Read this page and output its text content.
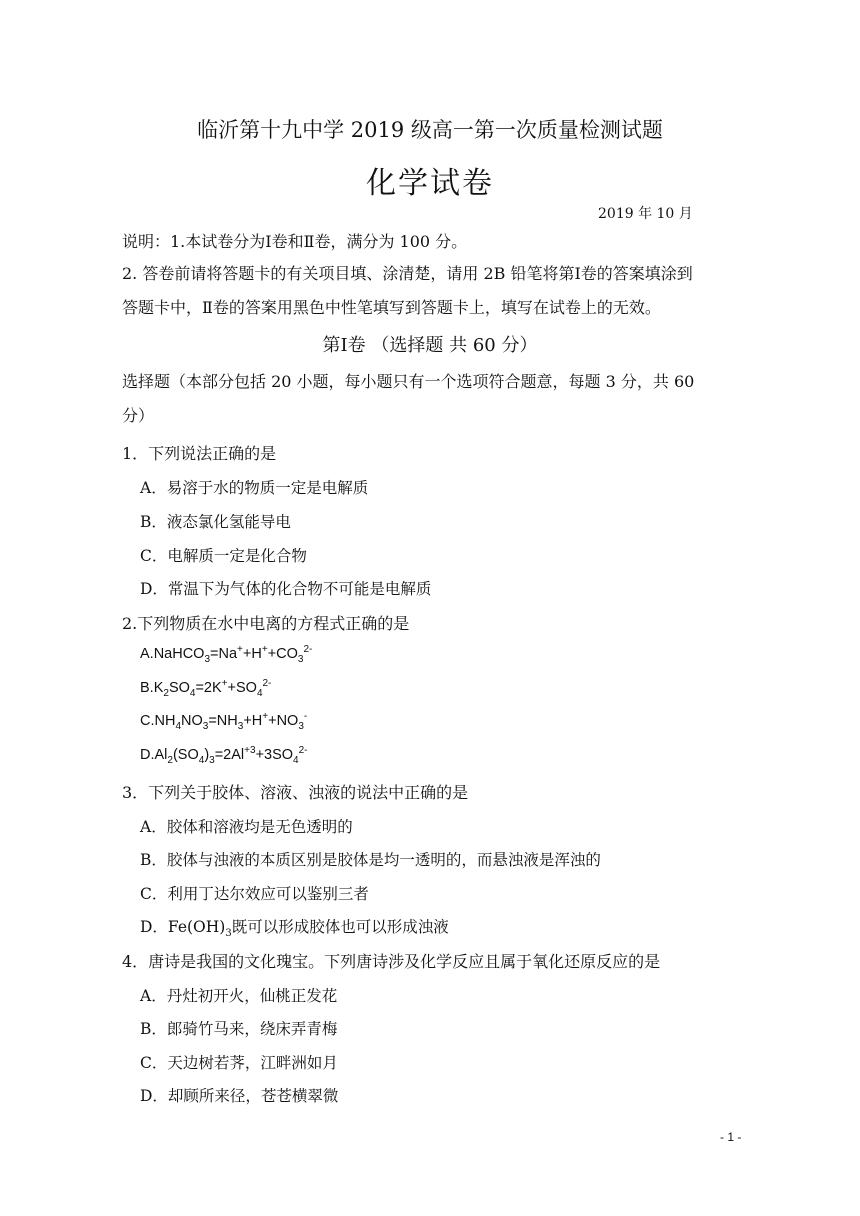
临沂第十九中学 2019 级高一第一次质量检测试题
化学试卷
2019 年 10 月
说明：1.本试卷分为Ⅰ卷和Ⅱ卷，满分为 100 分。
2. 答卷前请将答题卡的有关项目填、涂清楚，请用 2B 铅笔将第Ⅰ卷的答案填涂到
答题卡中，Ⅱ卷的答案用黑色中性笔填写到答题卡上，填写在试卷上的无效。
第Ⅰ卷 （选择题 共 60 分）
选择题（本部分包括 20 小题，每小题只有一个选项符合题意，每题 3 分，共 60
分）
1．下列说法正确的是
A．易溶于水的物质一定是电解质
B．液态氯化氢能导电
C．电解质一定是化合物
D．常温下为气体的化合物不可能是电解质
2.下列物质在水中电离的方程式正确的是
$A.NaHCO_3=Na^++H^++CO_3^{2-}$
$B.K_2SO_4=2K^++SO_4^{2-}$
$C.NH_4NO_3=NH_3+H^++NO_3^-$
$D.Al_2(SO_4)_3=2Al^{+3}+3SO_4^{2-}$
3．下列关于胶体、溶液、浊液的说法中正确的是
A．胶体和溶液均是无色透明的
B．胶体与浊液的本质区别是胶体是均一透明的，而悬浊液是浑浊的
C．利用丁达尔效应可以鉴别三者
D．$Fe(OH)_3$既可以形成胶体也可以形成浊液
4．唐诗是我国的文化瑰宝。下列唐诗涉及化学反应且属于氧化还原反应的是
A．丹灶初开火，仙桃正发花
B．郎骑竹马来，绕床弄青梅
C．天边树若荠，江畔洲如月
D．却顾所来径，苍苍横翠微
- 1 -
